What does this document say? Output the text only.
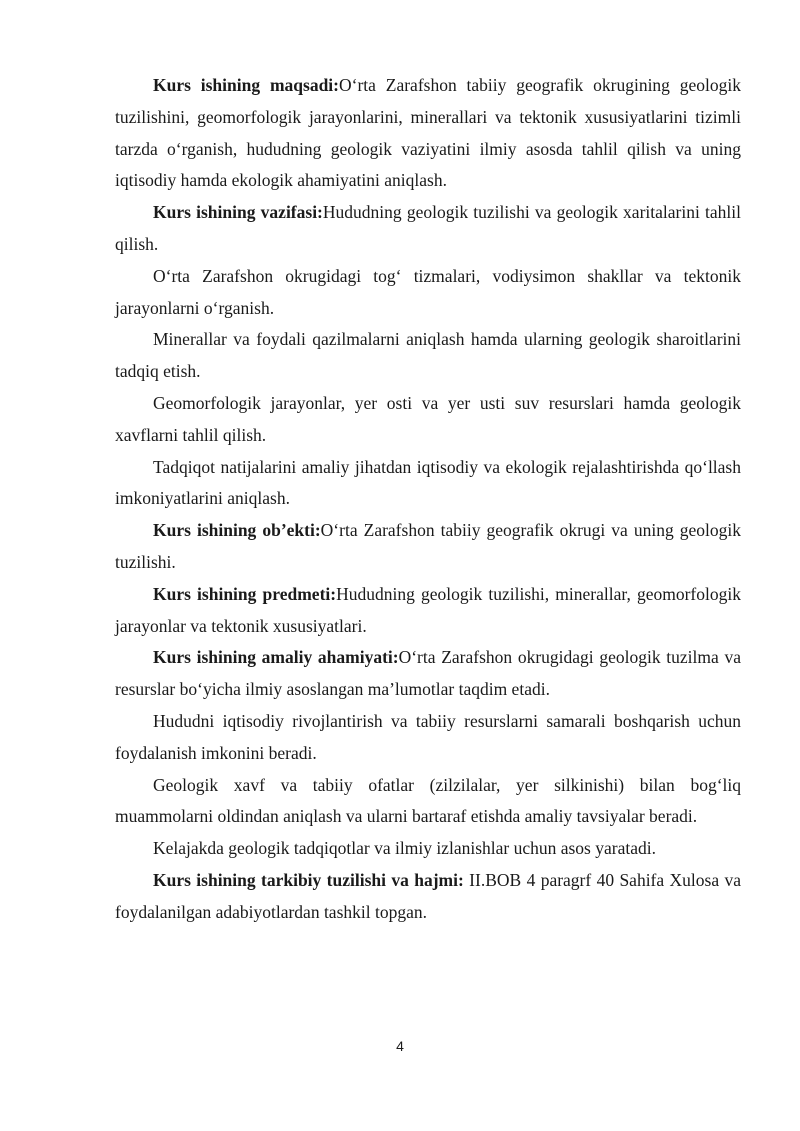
Kurs ishining maqsadi:O‘rta Zarafshon tabiiy geografik okrugining geologik tuzilishini, geomorfologik jarayonlarini, minerallari va tektonik xususiyatlarini tizimli tarzda o‘rganish, hududning geologik vaziyatini ilmiy asosda tahlil qilish va uning iqtisodiy hamda ekologik ahamiyatini aniqlash.

Kurs ishining vazifasi:Hududning geologik tuzilishi va geologik xaritalarini tahlil qilish.

O‘rta Zarafshon okrugidagi tog‘ tizmalari, vodiysimon shakllar va tektonik jarayonlarni o‘rganish.

Minerallar va foydali qazilmalarni aniqlash hamda ularning geologik sharoitlarini tadqiq etish.

Geomorfologik jarayonlar, yer osti va yer usti suv resurslari hamda geologik xavflarni tahlil qilish.

Tadqiqot natijalarini amaliy jihatdan iqtisodiy va ekologik rejalashtirishda qo‘llash imkoniyatlarini aniqlash.

Kurs ishining ob’ekti:O‘rta Zarafshon tabiiy geografik okrugi va uning geologik tuzilishi.

Kurs ishining predmeti:Hududning geologik tuzilishi, minerallar, geomorfologik jarayonlar va tektonik xususiyatlari.

Kurs ishining amaliy ahamiyati:O‘rta Zarafshon okrugidagi geologik tuzilma va resurslar bo‘yicha ilmiy asoslangan ma’lumotlar taqdim etadi.

Hududni iqtisodiy rivojlantirish va tabiiy resurslarni samarali boshqarish uchun foydalanish imkonini beradi.

Geologik xavf va tabiiy ofatlar (zilzilalar, yer silkinishi) bilan bog‘liq muammolarni oldindan aniqlash va ularni bartaraf etishda amaliy tavsiyalar beradi.

Kelajakda geologik tadqiqotlar va ilmiy izlanishlar uchun asos yaratadi.

Kurs ishining tarkibiy tuzilishi va hajmi: II.BOB 4 paragrf 40 Sahifa Xulosa va foydalanilgan adabiyotlardan tashkil topgan.

4
